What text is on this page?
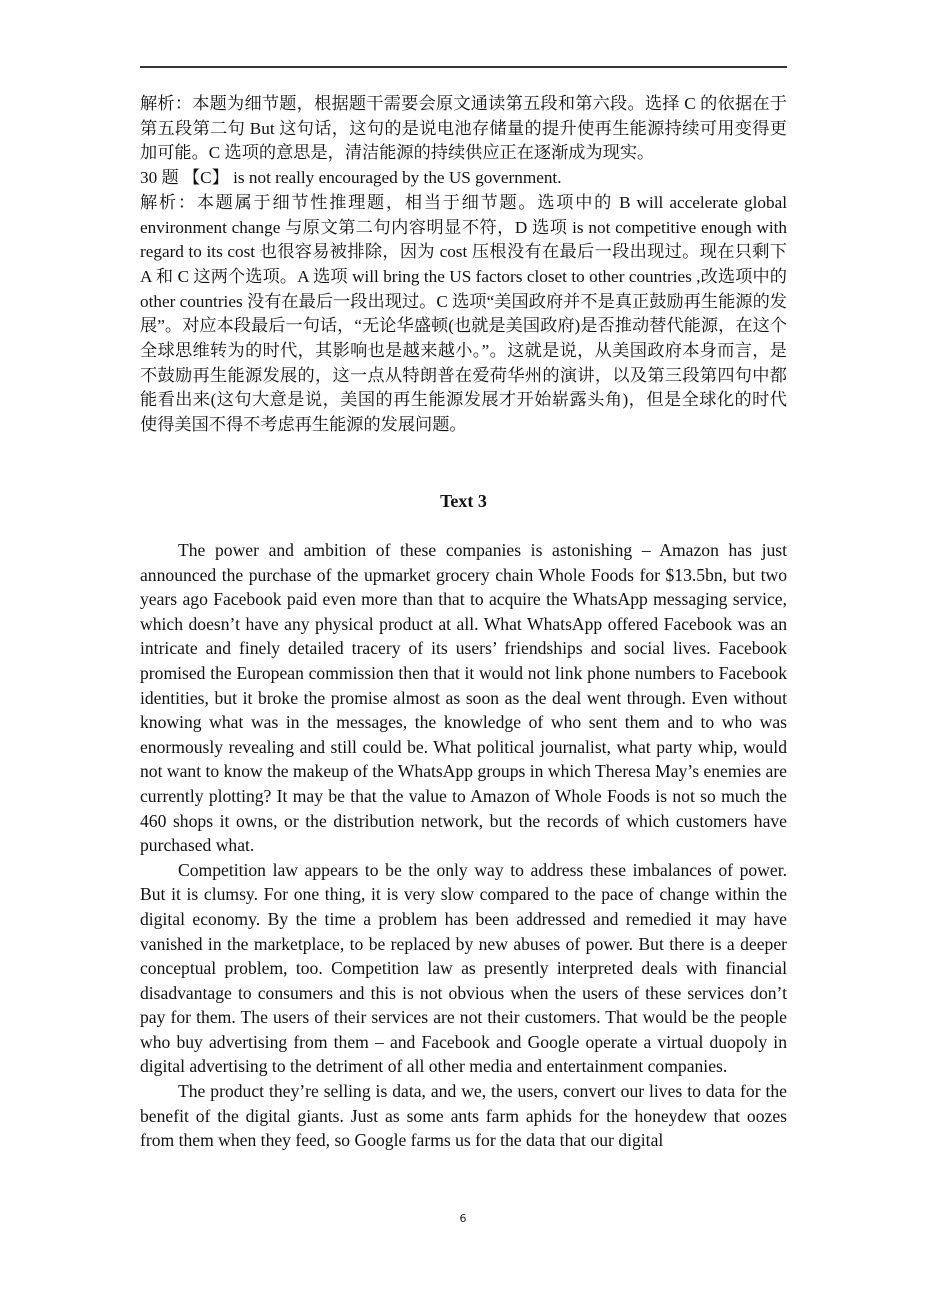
解析：本题为细节题，根据题干需要会原文通读第五段和第六段。选择 C 的依据在于第五段第二句 But 这句话，这句的是说电池存储量的提升使再生能源持续可用变得更加可能。C 选项的意思是，清洁能源的持续供应正在逐渐成为现实。

30 题 【C】 is not really encouraged by the US government.

解析：本题属于细节性推理题，相当于细节题。选项中的 B will accelerate global environment change 与原文第二句内容明显不符，D 选项 is not competitive enough with regard to its cost 也很容易被排除，因为 cost 压根没有在最后一段出现过。现在只剩下 A 和 C 这两个选项。A 选项 will bring the US factors closet to other countries ,改选项中的 other countries 没有在最后一段出现过。C 选项“美国政府并不是真正鼓励再生能源的发展”。对应本段最后一句话，“无论华盛顿(也就是美国政府)是否推动替代能源，在这个全球思维转为的时代，其影响也是越来越小。”。这就是说，从美国政府本身而言，是不鼓励再生能源发展的，这一点从特朗普在爱荷华州的演讲，以及第三段第四句中都能看出来(这句大意是说，美国的再生能源发展才开始崭露头角)，但是全球化的时代使得美国不得不考虑再生能源的发展问题。

Text 3

The power and ambition of these companies is astonishing – Amazon has just announced the purchase of the upmarket grocery chain Whole Foods for $13.5bn, but two years ago Facebook paid even more than that to acquire the WhatsApp messaging service, which doesn’t have any physical product at all. What WhatsApp offered Facebook was an intricate and finely detailed tracery of its users’ friendships and social lives. Facebook promised the European commission then that it would not link phone numbers to Facebook identities, but it broke the promise almost as soon as the deal went through. Even without knowing what was in the messages, the knowledge of who sent them and to who was enormously revealing and still could be. What political journalist, what party whip, would not want to know the makeup of the WhatsApp groups in which Theresa May’s enemies are currently plotting? It may be that the value to Amazon of Whole Foods is not so much the 460 shops it owns, or the distribution network, but the records of which customers have purchased what.

Competition law appears to be the only way to address these imbalances of power. But it is clumsy. For one thing, it is very slow compared to the pace of change within the digital economy. By the time a problem has been addressed and remedied it may have vanished in the marketplace, to be replaced by new abuses of power. But there is a deeper conceptual problem, too. Competition law as presently interpreted deals with financial disadvantage to consumers and this is not obvious when the users of these services don’t pay for them. The users of their services are not their customers. That would be the people who buy advertising from them – and Facebook and Google operate a virtual duopoly in digital advertising to the detriment of all other media and entertainment companies.

The product they’re selling is data, and we, the users, convert our lives to data for the benefit of the digital giants. Just as some ants farm aphids for the honeydew that oozes from them when they feed, so Google farms us for the data that our digital

6
